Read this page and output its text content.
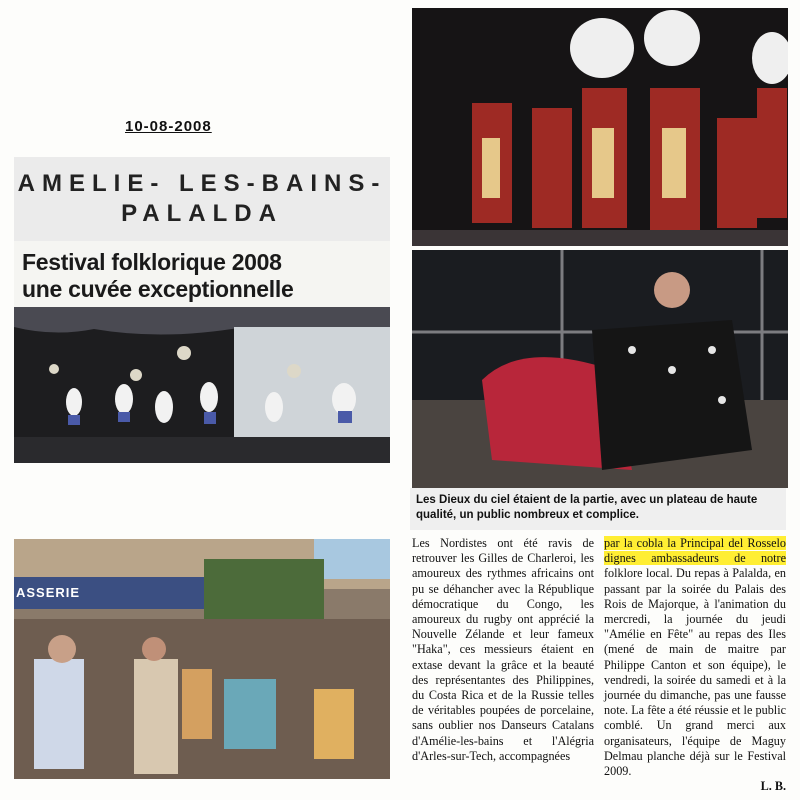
10-08-2008
AMELIE- LES-BAINS-
PALALDA
Festival folklorique 2008
une cuvée exceptionnelle
ASSERIE
Les Dieux du ciel étaient de la partie, avec un plateau de haute qualité, un public nombreux et complice.
Les Nordistes ont été ravis de retrouver les Gilles de Charleroi, les amoureux des rythmes africains ont pu se déhancher avec la République démocratique du Congo, les amoureux du rugby ont apprécié la Nouvelle Zélande et leur fameux "Haka", ces messieurs étaient en extase devant la grâce et la beauté des représentantes des Philippines, du Costa Rica et de la Russie telles de véritables poupées de porcelaine, sans oublier nos Danseurs Catalans d'Amélie-les-bains et l'Alégria d'Arles-sur-Tech, accompagnées
par la cobla la Principal del Rosselo dignes ambassadeurs de notre folklore local. Du repas à Palalda, en passant par la soirée du Palais des Rois de Majorque, à l'animation du mercredi, la journée du jeudi "Amélie en Fête" au repas des Iles (mené de main de maitre par Philippe Canton et son équipe), le vendredi, la soirée du samedi et à la journée du dimanche, pas une fausse note. La fête a été réussie et le public comblé. Un grand merci aux organisateurs, l'équipe de Maguy Delmau planche déjà sur le Festival 2009.
L. B.
